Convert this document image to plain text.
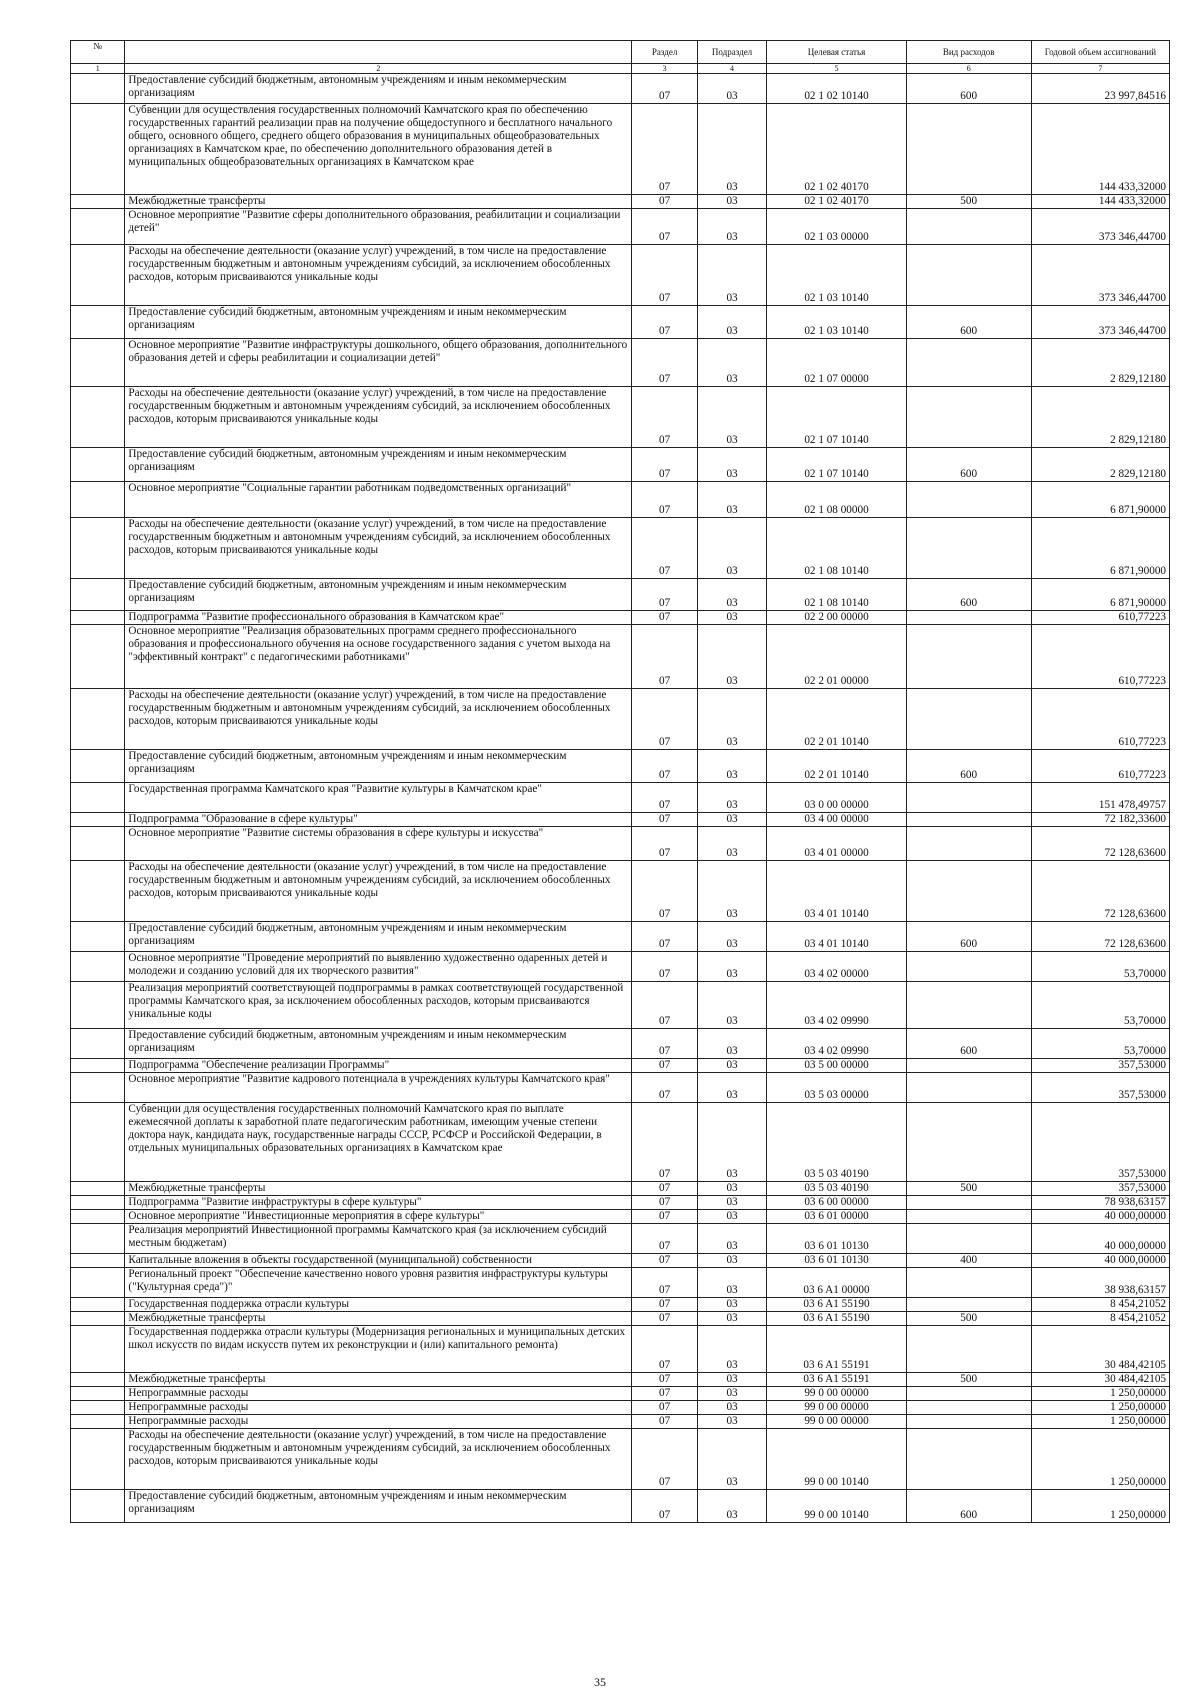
№		Раздел	Подраздел	Целевая статья	Вид расходов	Годовой объем ассигнований
1	2	3	4	5	6	7
	Предоставление субсидий бюджетным, автономным учреждениям и иным некоммерческим организациям	07	03	02 1 02 10140	600	23 997,84516
	Субвенции для осуществления государственных полномочий Камчатского края по обеспечению государственных гарантий реализации прав на получение общедоступного и бесплатного начального общего, основного общего, среднего общего образования в муниципальных общеобразовательных организациях в Камчатском крае, по обеспечению дополнительного образования детей в муниципальных общеобразовательных организациях в Камчатском крае	07	03	02 1 02 40170		144 433,32000
	Межбюджетные трансферты	07	03	02 1 02 40170	500	144 433,32000
	Основное мероприятие "Развитие сферы дополнительного образования, реабилитации и социализации детей"	07	03	02 1 03 00000		373 346,44700
	Расходы на обеспечение деятельности (оказание услуг) учреждений, в том числе на предоставление государственным бюджетным и автономным учреждениям субсидий, за исключением обособленных расходов, которым присваиваются уникальные коды	07	03	02 1 03 10140		373 346,44700
	Предоставление субсидий бюджетным, автономным учреждениям и иным некоммерческим организациям	07	03	02 1 03 10140	600	373 346,44700
	Основное мероприятие "Развитие инфраструктуры дошкольного, общего образования, дополнительного образования детей и сферы реабилитации и социализации детей"	07	03	02 1 07 00000		2 829,12180
	Расходы на обеспечение деятельности (оказание услуг) учреждений, в том числе на предоставление государственным бюджетным и автономным учреждениям субсидий, за исключением обособленных расходов, которым присваиваются уникальные коды	07	03	02 1 07 10140		2 829,12180
	Предоставление субсидий бюджетным, автономным учреждениям и иным некоммерческим организациям	07	03	02 1 07 10140	600	2 829,12180
	Основное мероприятие "Социальные гарантии работникам подведомственных организаций"	07	03	02 1 08 00000		6 871,90000
	Расходы на обеспечение деятельности (оказание услуг) учреждений, в том числе на предоставление государственным бюджетным и автономным учреждениям субсидий, за исключением обособленных расходов, которым присваиваются уникальные коды	07	03	02 1 08 10140		6 871,90000
	Предоставление субсидий бюджетным, автономным учреждениям и иным некоммерческим организациям	07	03	02 1 08 10140	600	6 871,90000
	Подпрограмма "Развитие профессионального образования в Камчатском крае"	07	03	02 2 00 00000		610,77223
	Основное мероприятие "Реализация образовательных программ среднего профессионального образования и профессионального обучения на основе государственного задания с учетом выхода на "эффективный контракт" с педагогическими работниками"	07	03	02 2 01 00000		610,77223
	Расходы на обеспечение деятельности (оказание услуг) учреждений, в том числе на предоставление государственным бюджетным и автономным учреждениям субсидий, за исключением обособленных расходов, которым присваиваются уникальные коды	07	03	02 2 01 10140		610,77223
	Предоставление субсидий бюджетным, автономным учреждениям и иным некоммерческим организациям	07	03	02 2 01 10140	600	610,77223
	Государственная программа Камчатского края "Развитие культуры в Камчатском крае"	07	03	03 0 00 00000		151 478,49757
	Подпрограмма "Образование в сфере культуры"	07	03	03 4 00 00000		72 182,33600
	Основное мероприятие "Развитие системы образования в сфере культуры и искусства"	07	03	03 4 01 00000		72 128,63600
	Расходы на обеспечение деятельности (оказание услуг) учреждений, в том числе на предоставление государственным бюджетным и автономным учреждениям субсидий, за исключением обособленных расходов, которым присваиваются уникальные коды	07	03	03 4 01 10140		72 128,63600
	Предоставление субсидий бюджетным, автономным учреждениям и иным некоммерческим организациям	07	03	03 4 01 10140	600	72 128,63600
	Основное мероприятие "Проведение мероприятий по выявлению художественно одаренных детей и молодежи и созданию условий для их творческого развития"	07	03	03 4 02 00000		53,70000
	Реализация мероприятий соответствующей подпрограммы в рамках соответствующей государственной программы Камчатского края, за исключением обособленных расходов, которым присваиваются уникальные коды	07	03	03 4 02 09990		53,70000
	Предоставление субсидий бюджетным, автономным учреждениям и иным некоммерческим организациям	07	03	03 4 02 09990	600	53,70000
	Подпрограмма "Обеспечение реализации Программы"	07	03	03 5 00 00000		357,53000
	Основное мероприятие "Развитие кадрового потенциала в учреждениях культуры Камчатского края"	07	03	03 5 03 00000		357,53000
	Субвенции для осуществления государственных полномочий Камчатского края по выплате ежемесячной доплаты к заработной плате педагогическим работникам, имеющим ученые степени доктора наук, кандидата наук, государственные награды СССР, РСФСР и Российской Федерации, в отдельных муниципальных образовательных организациях в Камчатском крае	07	03	03 5 03 40190		357,53000
	Межбюджетные трансферты	07	03	03 5 03 40190	500	357,53000
	Подпрограмма "Развитие инфраструктуры в сфере культуры"	07	03	03 6 00 00000		78 938,63157
	Основное мероприятие "Инвестиционные мероприятия в сфере культуры"	07	03	03 6 01 00000		40 000,00000
	Реализация мероприятий Инвестиционной программы Камчатского края (за исключением субсидий местным бюджетам)	07	03	03 6 01 10130		40 000,00000
	Капитальные вложения в объекты государственной (муниципальной) собственности	07	03	03 6 01 10130	400	40 000,00000
	Региональный проект "Обеспечение качественно нового уровня развития инфраструктуры культуры ("Культурная среда")"	07	03	03 6 A1 00000		38 938,63157
	Государственная поддержка отрасли культуры	07	03	03 6 A1 55190		8 454,21052
	Межбюджетные трансферты	07	03	03 6 A1 55190	500	8 454,21052
	Государственная поддержка отрасли культуры (Модернизация региональных и муниципальных детских школ искусств по видам искусств путем их реконструкции и (или) капитального ремонта)	07	03	03 6 A1 55191		30 484,42105
	Межбюджетные трансферты	07	03	03 6 A1 55191	500	30 484,42105
	Непрограммные расходы	07	03	99 0 00 00000		1 250,00000
	Непрограммные расходы	07	03	99 0 00 00000		1 250,00000
	Непрограммные расходы	07	03	99 0 00 00000		1 250,00000
	Расходы на обеспечение деятельности (оказание услуг) учреждений, в том числе на предоставление государственным бюджетным и автономным учреждениям субсидий, за исключением обособленных расходов, которым присваиваются уникальные коды	07	03	99 0 00 10140		1 250,00000
	Предоставление субсидий бюджетным, автономным учреждениям и иным некоммерческим организациям	07	03	99 0 00 10140	600	1 250,00000
35
